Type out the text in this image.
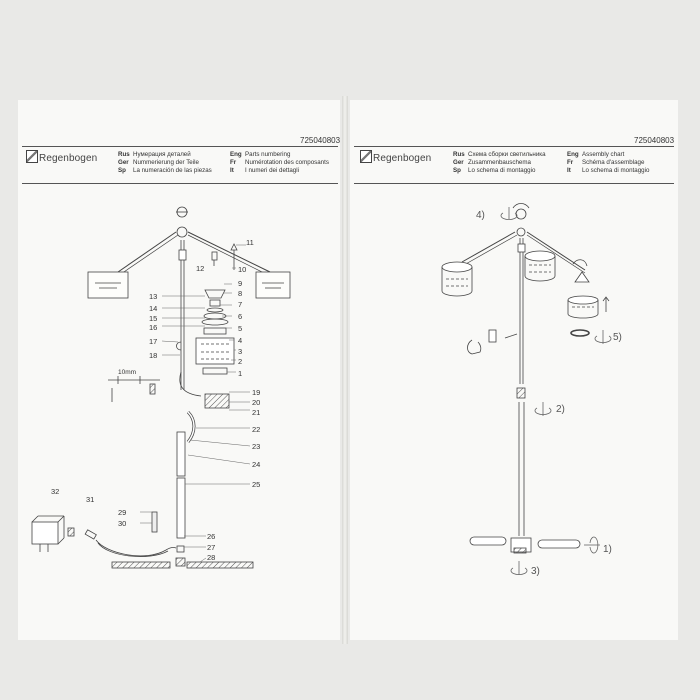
725040803
Regenbogen	Rus Нумерация деталей
Ger Nummerierung der Teile
Sp La numeración de las piezas
Eng Parts numbering
Fr Numérotation des composants
It I numeri dei dettagli
725040803
Regenbogen	Rus Схема сборки светильника
Ger Zusammenbauschema
Sp Lo schema di montaggio
Eng Assembly chart
Fr Schéma d'assemblage
It Lo schema di montaggio
1
2
3
4
5
6
7
8
9
10
11
12
13
14
15
16
17
18
19
20
21
22
23
24
25
26
27
28
29
30
31
32
10mm
1)
2)
3)
4)
5)
